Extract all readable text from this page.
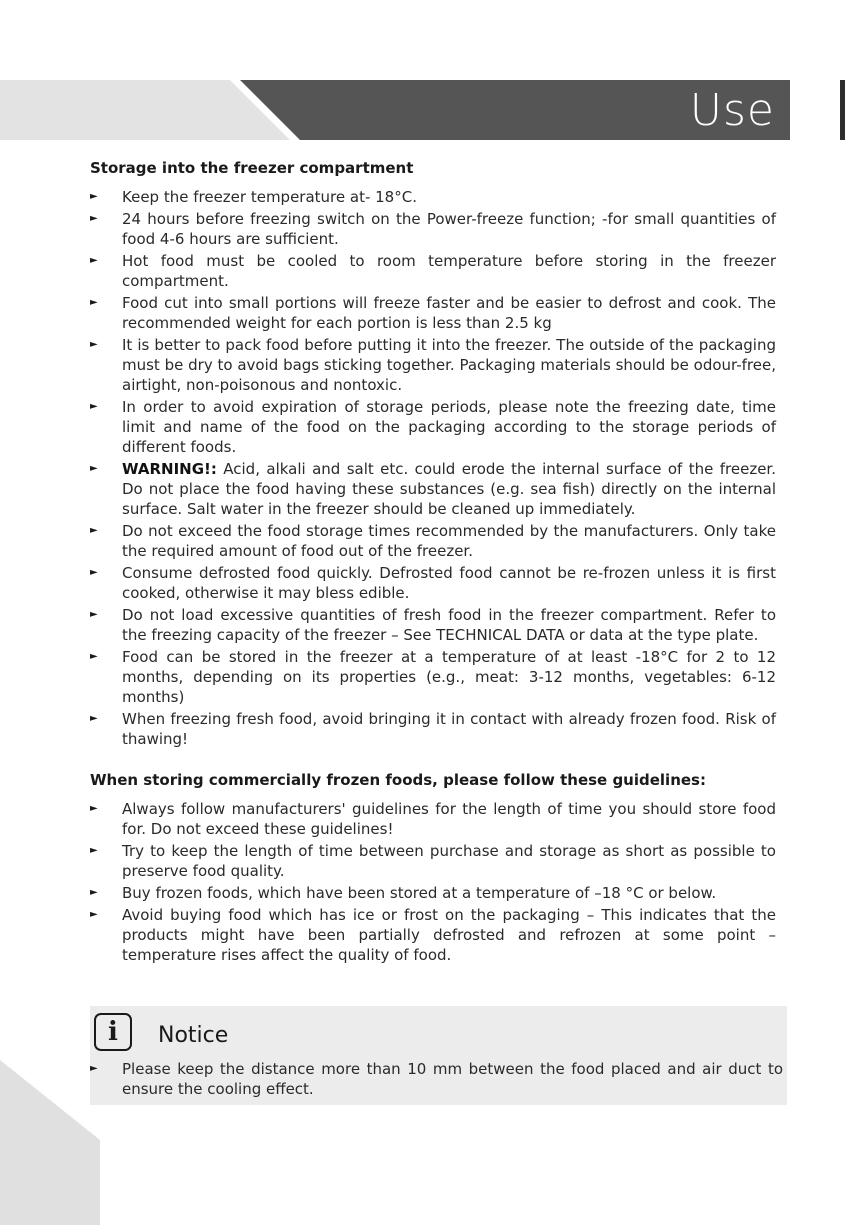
Use
Storage into the freezer compartment
► Keep the freezer temperature at- 18°C.
► 24 hours before freezing switch on the Power-freeze function; -for small quantities of food 4-6 hours are sufficient.
► Hot food must be cooled to room temperature before storing in the freezer compartment.
► Food cut into small portions will freeze faster and be easier to defrost and cook. The recommended weight for each portion is less than 2.5 kg
► It is better to pack food before putting it into the freezer. The outside of the packaging must be dry to avoid bags sticking together. Packaging materials should be odour-free, airtight, non-poisonous and nontoxic.
► In order to avoid expiration of storage periods, please note the freezing date, time limit and name of the food on the packaging according to the storage periods of different foods.
► WARNING!: Acid, alkali and salt etc. could erode the internal surface of the freezer. Do not place the food having these substances (e.g. sea fish) directly on the internal surface. Salt water in the freezer should be cleaned up immediately.
► Do not exceed the food storage times recommended by the manufacturers. Only take the required amount of food out of the freezer.
► Consume defrosted food quickly. Defrosted food cannot be re-frozen unless it is first cooked, otherwise it may bless edible.
► Do not load excessive quantities of fresh food in the freezer compartment. Refer to the freezing capacity of the freezer – See TECHNICAL DATA or data at the type plate.
► Food can be stored in the freezer at a temperature of at least -18°C for 2 to 12 months, depending on its properties (e.g., meat: 3-12 months, vegetables: 6-12 months)
► When freezing fresh food, avoid bringing it in contact with already frozen food. Risk of thawing!
When storing commercially frozen foods, please follow these guidelines:
► Always follow manufacturers' guidelines for the length of time you should store food for. Do not exceed these guidelines!
► Try to keep the length of time between purchase and storage as short as possible to preserve food quality.
► Buy frozen foods, which have been stored at a temperature of –18 °C or below.
► Avoid buying food which has ice or frost on the packaging – This indicates that the products might have been partially defrosted and refrozen at some point – temperature rises affect the quality of food.
i	Notice
► Please keep the distance more than 10 mm between the food placed and air duct to ensure the cooling effect.
